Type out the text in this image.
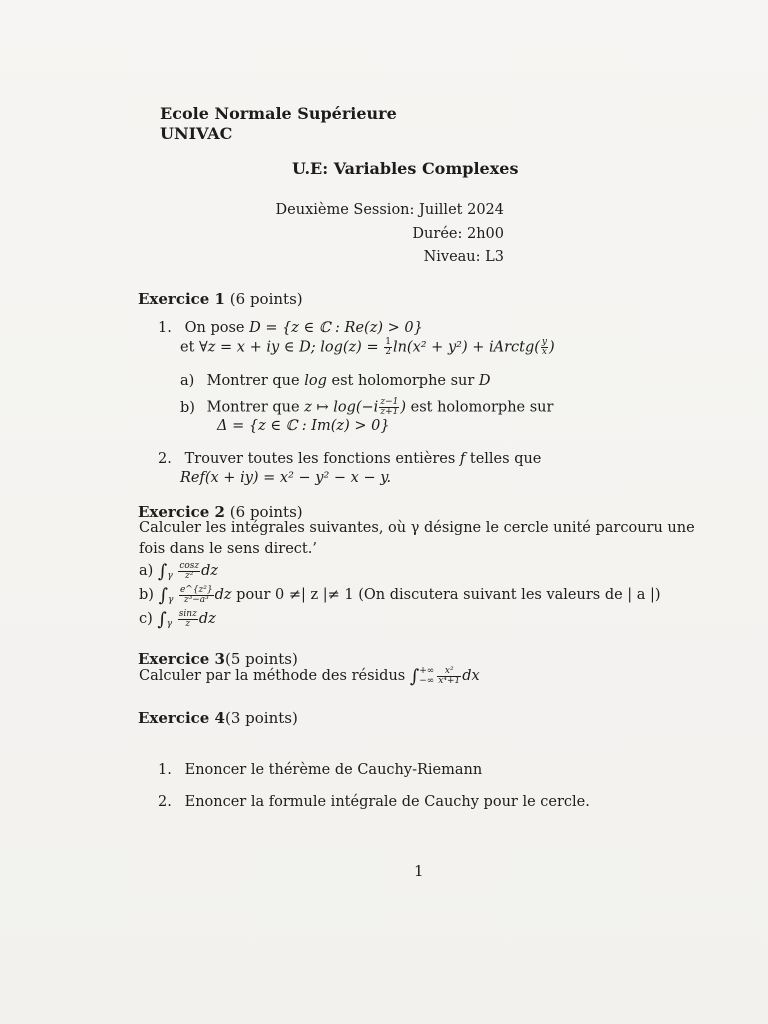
Ecole Normale Supérieure
UNIVAC
U.E: Variables Complexes
Deuxième Session: Juillet 2024
Durée: 2h00
Niveau: L3
Exercice 1 (6 points)
1. On pose D = {z ∈ ℂ : Re(z) > 0}
et ∀z = x + iy ∈ D; $\log(z) = \frac{1}{2} \ln(x^2 + y^2)$ + iArctg( $\frac{y}{x}$ )
a) Montrer que log est holomorphe sur D
b) Montrer que z ↦ $\log(-i \frac{z-1}{z+1}$ ) est holomorphe sur
Δ = {z ∈ ℂ : Im(z) > 0}
2. Trouver toutes les fonctions entières f telles que
Ref(x + iy) = x² − y² − x − y.
Exercice 2 (6 points)
Calculer les intégrales suivantes, où γ désigne le cercle unité parcouru une
fois dans le sens direct.’
a) $\int_\gamma \frac{\cos z}{\text{z²}}$ dz
b) $\int_\gamma \frac{\text{e\textasciicircum{}\{z²\}}}{\text{z³−a³}}$ dz pour 0 ≠| z |≠ 1 (On discutera suivant les valeurs de | a |)
c) $\int_\gamma \frac{\sin z}{z}$ dz
Exercice 3(5 points)
Calculer par la méthode des résidus ∫ +∞
−∞ $\frac{\text{x²}}{\text{x⁴+1}}$ dx
Exercice 4(3 points)
1. Enoncer le thérème de Cauchy-Riemann
2. Enoncer la formule intégrale de Cauchy pour le cercle.
1
